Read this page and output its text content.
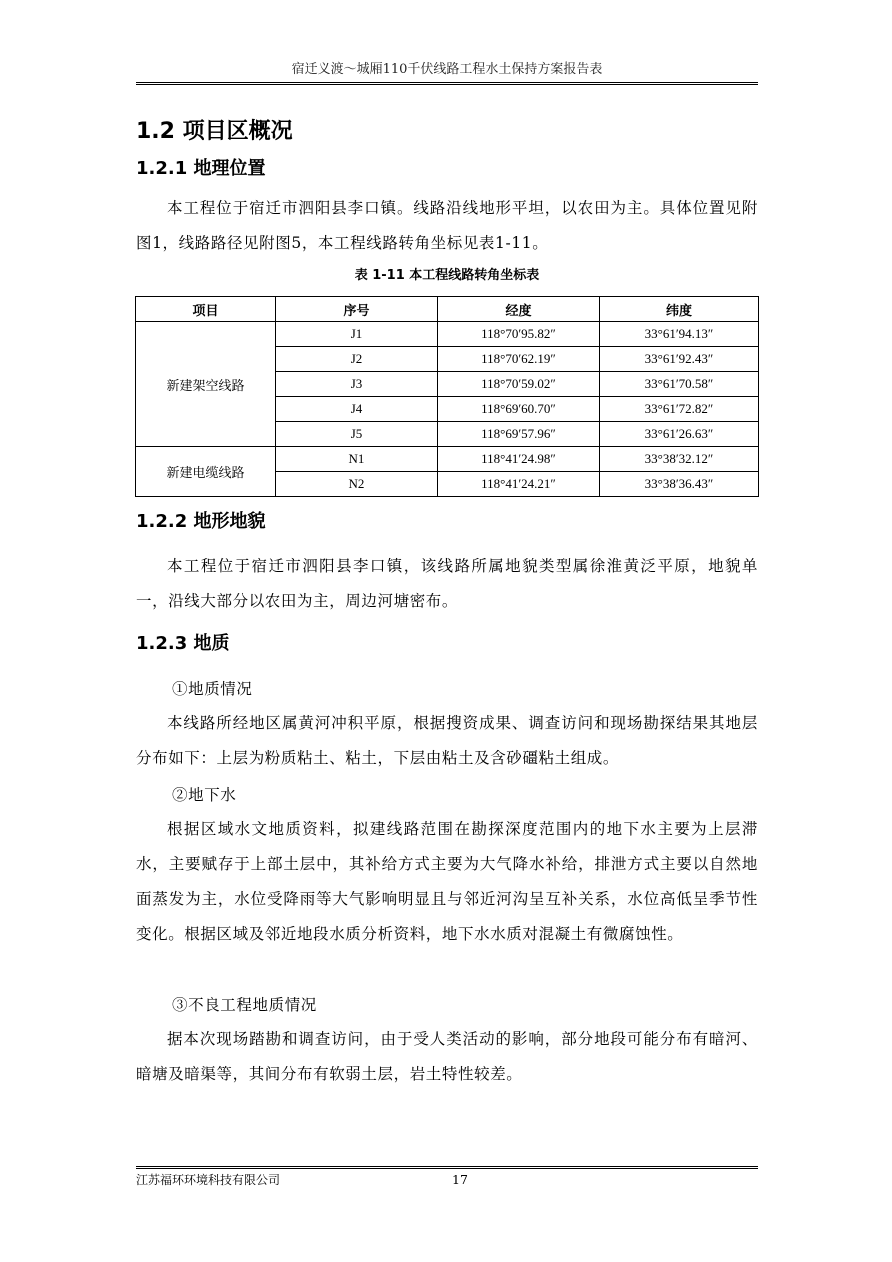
宿迁义渡～城厢110千伏线路工程水土保持方案报告表
1.2 项目区概况
1.2.1 地理位置
本工程位于宿迁市泗阳县李口镇。线路沿线地形平坦，以农田为主。具体位置见附图1，线路路径见附图5，本工程线路转角坐标见表1-11。
表 1-11 本工程线路转角坐标表
项目	序号	经度	纬度
新建架空线路	J1	118°70′95.82″	33°61′94.13″
	J2	118°70′62.19″	33°61′92.43″
	J3	118°70′59.02″	33°61′70.58″
	J4	118°69′60.70″	33°61′72.82″
	J5	118°69′57.96″	33°61′26.63″
新建电缆线路	N1	118°41′24.98″	33°38′32.12″
	N2	118°41′24.21″	33°38′36.43″
1.2.2 地形地貌
本工程位于宿迁市泗阳县李口镇，该线路所属地貌类型属徐淮黄泛平原，地貌单一，沿线大部分以农田为主，周边河塘密布。
1.2.3 地质
①地质情况
本线路所经地区属黄河冲积平原，根据搜资成果、调查访问和现场勘探结果其地层分布如下：上层为粉质粘土、粘土，下层由粘土及含砂礓粘土组成。
②地下水
根据区域水文地质资料，拟建线路范围在勘探深度范围内的地下水主要为上层滞水，主要赋存于上部土层中，其补给方式主要为大气降水补给，排泄方式主要以自然地面蒸发为主，水位受降雨等大气影响明显且与邻近河沟呈互补关系，水位高低呈季节性变化。根据区域及邻近地段水质分析资料，地下水水质对混凝土有微腐蚀性。
③不良工程地质情况
据本次现场踏勘和调查访问，由于受人类活动的影响，部分地段可能分布有暗河、暗塘及暗渠等，其间分布有软弱土层，岩土特性较差。
江苏福环环境科技有限公司	17
